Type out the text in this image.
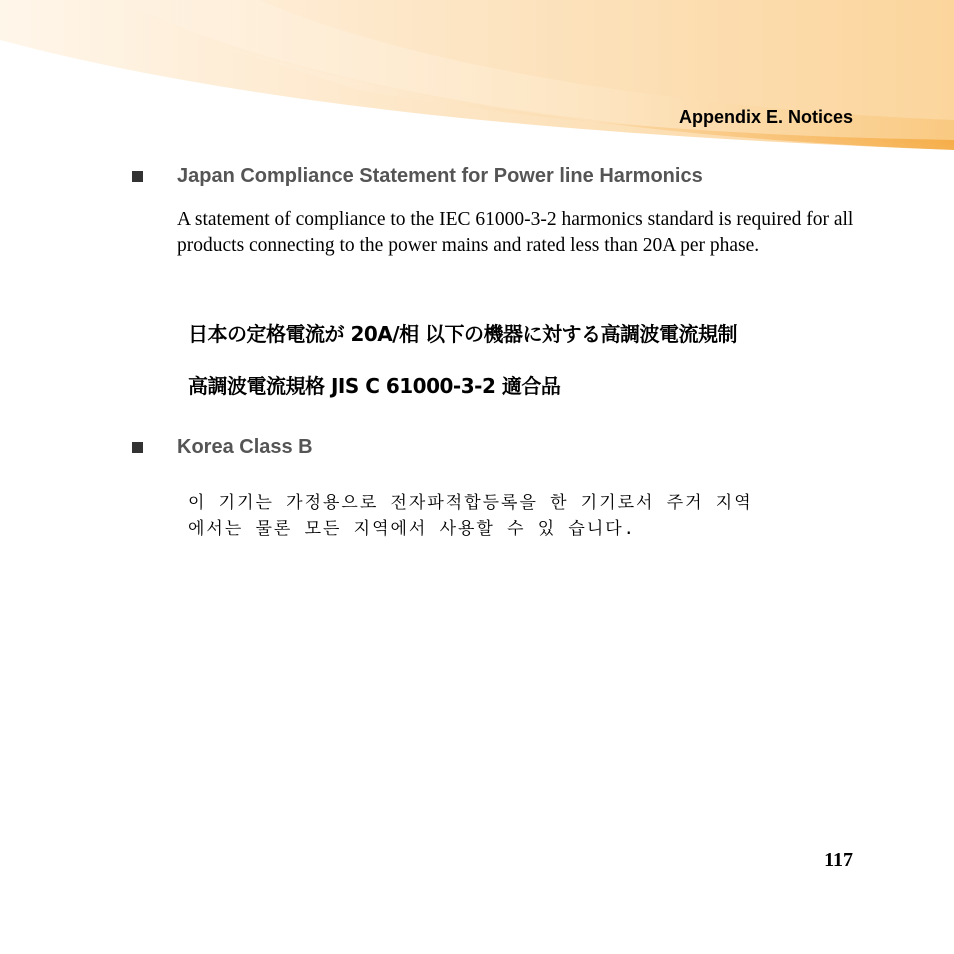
Appendix E. Notices
Japan Compliance Statement for Power line Harmonics
A statement of compliance to the IEC 61000-3-2 harmonics standard is required for all products connecting to the power mains and rated less than 20A per phase.
日本の定格電流が 20A/相 以下の機器に対する高調波電流規制
高調波電流規格 JIS C 61000-3-2 適合品
Korea Class B
이 기기는 가정용으로 전자파적합등록을 한 기기로서 주거 지역
에서는 물론 모든 지역에서 사용할 수 있 습니다.
117
